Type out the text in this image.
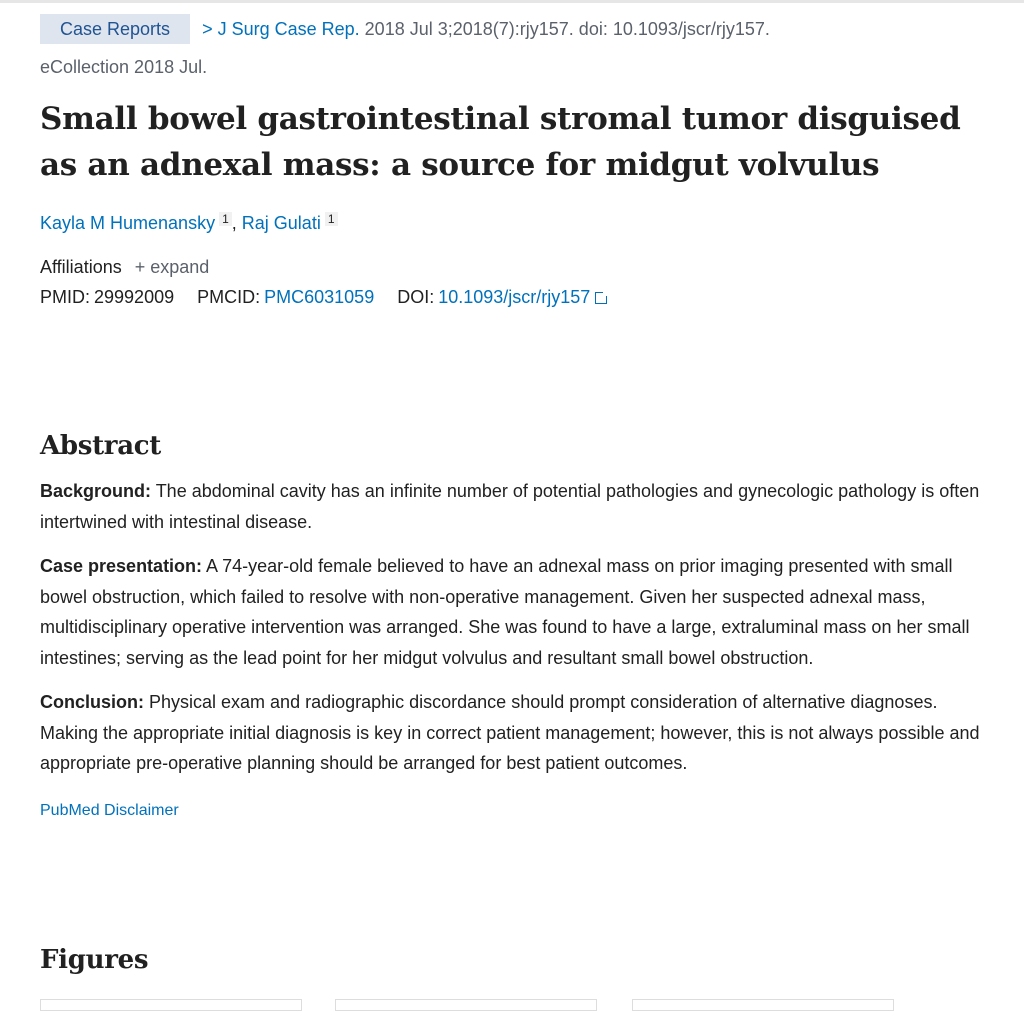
Case Reports > J Surg Case Rep. 2018 Jul 3;2018(7):rjy157. doi: 10.1093/jscr/rjy157.
eCollection 2018 Jul.
Small bowel gastrointestinal stromal tumor disguised as an adnexal mass: a source for midgut volvulus
Kayla M Humenansky $^1$ , Raj Gulati $^1$
Affiliations + expand
PMID: 29992009 PMCID: PMC6031059 DOI: 10.1093/jscr/rjy157
Abstract

Background: The abdominal cavity has an infinite number of potential pathologies and gynecologic pathology is often intertwined with intestinal disease.

Case presentation: A 74-year-old female believed to have an adnexal mass on prior imaging presented with small bowel obstruction, which failed to resolve with non-operative management. Given her suspected adnexal mass, multidisciplinary operative intervention was arranged. She was found to have a large, extraluminal mass on her small intestines; serving as the lead point for her midgut volvulus and resultant small bowel obstruction.

Conclusion: Physical exam and radiographic discordance should prompt consideration of alternative diagnoses. Making the appropriate initial diagnosis is key in correct patient management; however, this is not always possible and appropriate pre-operative planning should be arranged for best patient outcomes.

PubMed Disclaimer
Figures
